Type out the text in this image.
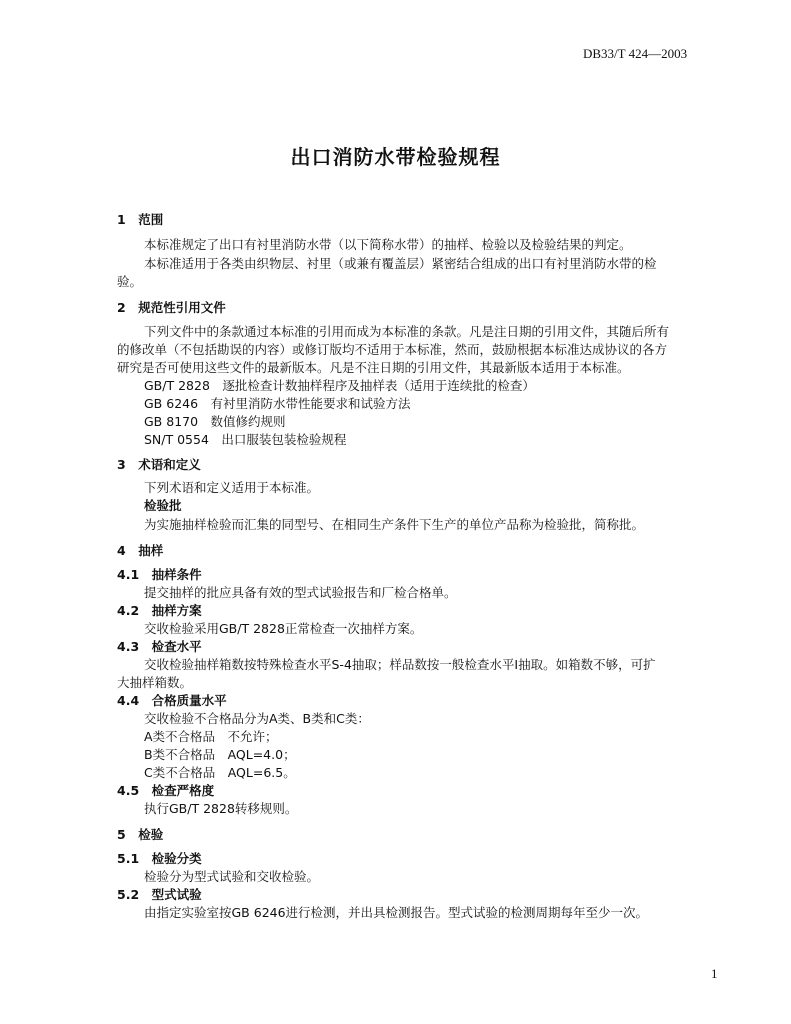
DB33/T 424—2003
出口消防水带检验规程
1　范围
本标准规定了出口有衬里消防水带（以下简称水带）的抽样、检验以及检验结果的判定。
本标准适用于各类由织物层、衬里（或兼有覆盖层）紧密结合组成的出口有衬里消防水带的检
验。
2　规范性引用文件
下列文件中的条款通过本标准的引用而成为本标准的条款。凡是注日期的引用文件，其随后所有
的修改单（不包括勘误的内容）或修订版均不适用于本标准，然而，鼓励根据本标准达成协议的各方
研究是否可使用这些文件的最新版本。凡是不注日期的引用文件，其最新版本适用于本标准。
GB/T 2828　逐批检查计数抽样程序及抽样表（适用于连续批的检查）
GB 6246　有衬里消防水带性能要求和试验方法
GB 8170　数值修约规则
SN/T 0554　出口服装包装检验规程
3　术语和定义
下列术语和定义适用于本标准。
检验批
为实施抽样检验而汇集的同型号、在相同生产条件下生产的单位产品称为检验批，简称批。
4　抽样
4.1　抽样条件
提交抽样的批应具备有效的型式试验报告和厂检合格单。
4.2　抽样方案
交收检验采用GB/T 2828正常检查一次抽样方案。
4.3　检查水平
交收检验抽样箱数按特殊检查水平S-4抽取；样品数按一般检查水平Ⅰ抽取。如箱数不够，可扩
大抽样箱数。
4.4　合格质量水平
交收检验不合格品分为A类、B类和C类：
A类不合格品　不允许；
B类不合格品　AQL=4.0；
C类不合格品　AQL=6.5。
4.5　检查严格度
执行GB/T 2828转移规则。
5　检验
5.1　检验分类
检验分为型式试验和交收检验。
5.2　型式试验
由指定实验室按GB 6246进行检测，并出具检测报告。型式试验的检测周期每年至少一次。
1
